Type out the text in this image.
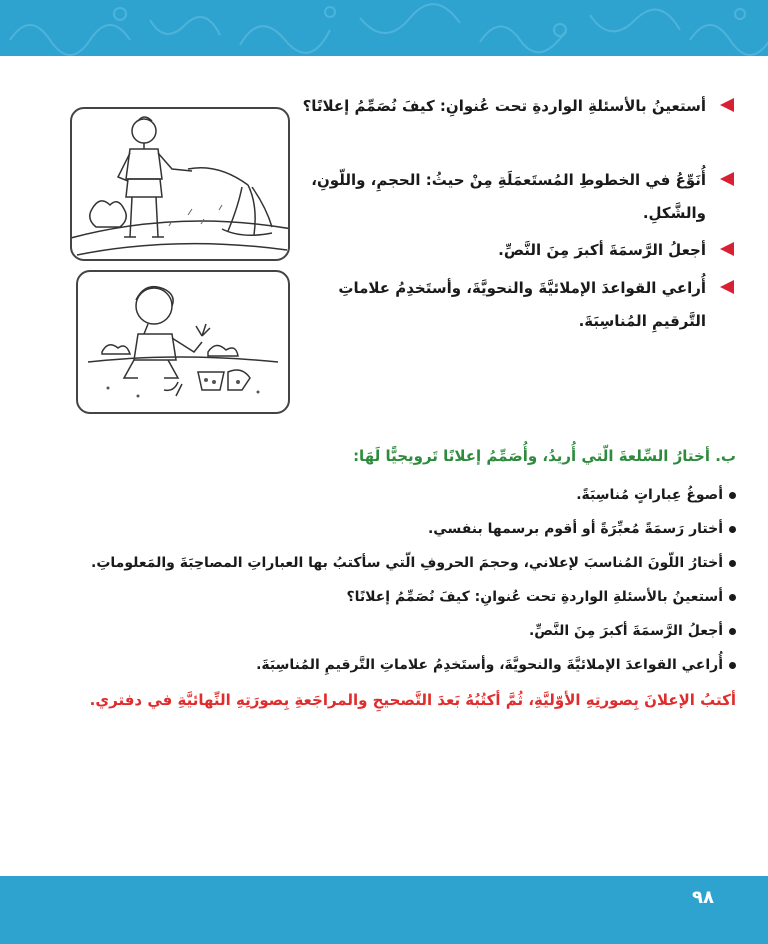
أستعينُ بالأسئلةِ الواردةِ تحت عُنوانِ: كيفَ نُصَمِّمُ إعلانًا؟
أُنَوِّعُ في الخطوطِ المُستَعمَلَةِ مِنْ حيثُ: الحجمِ، واللّونِ، والشَّكلِ.
أجعلُ الرَّسمَةَ أكبرَ مِنَ النَّصِّ.
أُراعي القواعدَ الإملائيَّةَ والنحويَّةَ، وأستَخدِمُ علاماتِ التَّرقيمِ المُناسِبَةَ.
ب. أختارُ السِّلعةَ الّتي أُريدُ، وأُصَمِّمُ إعلانًا تَرويجيًّا لَهَا:
أصوغُ عِباراتٍ مُناسِبَةً.
أختار رَسمَةً مُعبِّرَةً أو أقوم برسمها بنفسي.
أختارُ اللّونَ المُناسبَ لإعلاني، وحجمَ الحروفِ الّتي سأكتبُ بها العباراتِ المصاحِبَةَ والمَعلوماتِ.
أستعينُ بالأسئلةِ الواردةِ تحت عُنوانِ: كيفَ نُصَمِّمُ إعلانًا؟
أجعلُ الرَّسمَةَ أكبرَ مِنَ النَّصِّ.
أُراعي القواعدَ الإملائيَّةَ والنحويَّةَ، وأستَخدِمُ علاماتِ التَّرقيمِ المُناسِبَةَ.
أكتبُ الإعلانَ بِصورتِهِ الأوّليَّةِ، ثُمَّ أكتُبُهُ بَعدَ التَّصحيحِ والمراجَعةِ بِصورَتِهِ النِّهائيَّةِ في دفتري.
٩٨
